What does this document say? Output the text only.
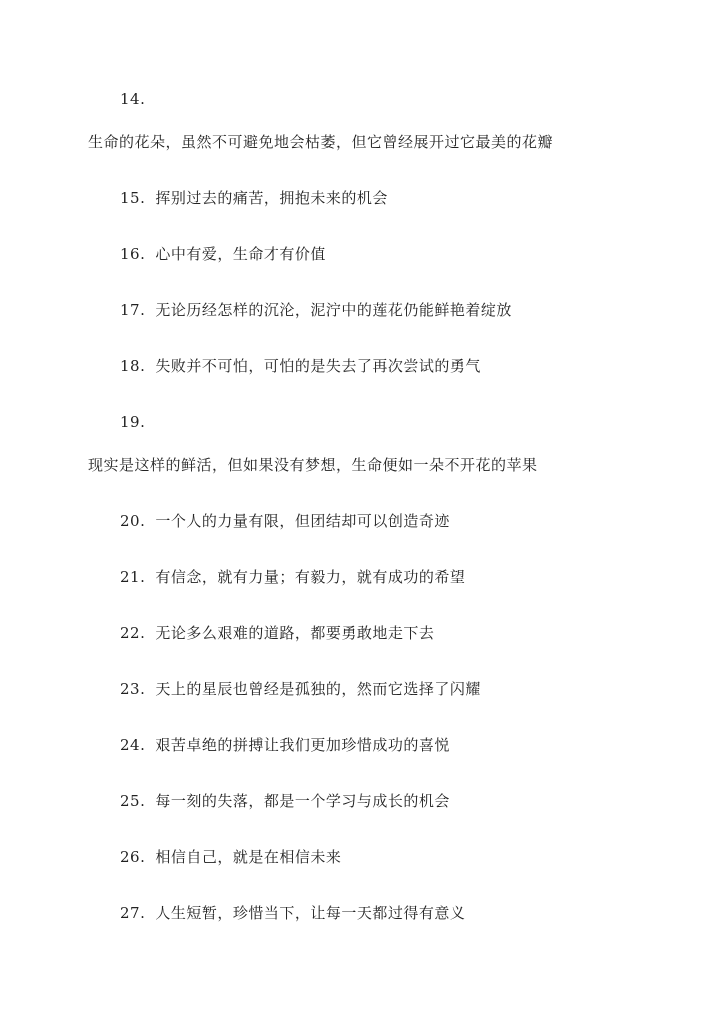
14.
生命的花朵，虽然不可避免地会枯萎，但它曾经展开过它最美的花瓣
15. 挥别过去的痛苦，拥抱未来的机会
16. 心中有爱，生命才有价值
17. 无论历经怎样的沉沦，泥泞中的莲花仍能鲜艳着绽放
18. 失败并不可怕，可怕的是失去了再次尝试的勇气
19.
现实是这样的鲜活，但如果没有梦想，生命便如一朵不开花的苹果
20. 一个人的力量有限，但团结却可以创造奇迹
21. 有信念，就有力量；有毅力，就有成功的希望
22. 无论多么艰难的道路，都要勇敢地走下去
23. 天上的星辰也曾经是孤独的，然而它选择了闪耀
24. 艰苦卓绝的拼搏让我们更加珍惜成功的喜悦
25. 每一刻的失落，都是一个学习与成长的机会
26. 相信自己，就是在相信未来
27. 人生短暂，珍惜当下，让每一天都过得有意义
